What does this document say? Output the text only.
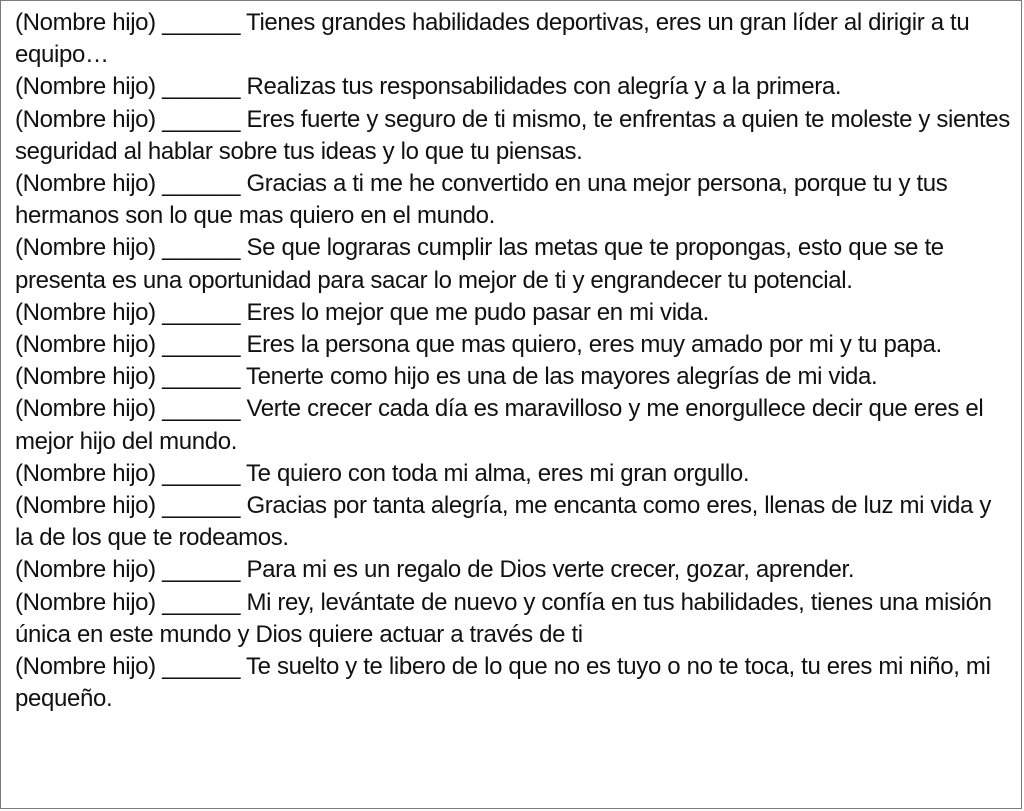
(Nombre hijo) ______ Tienes grandes habilidades deportivas, eres un gran líder al dirigir a tu equipo…

(Nombre hijo) ______ Realizas tus responsabilidades con alegría y a la primera.

(Nombre hijo) ______ Eres fuerte y seguro de ti mismo, te enfrentas a quien te moleste y sientes seguridad al hablar sobre tus ideas y lo que tu piensas.

(Nombre hijo) ______ Gracias a ti me he convertido en una mejor persona, porque tu y tus hermanos son lo que mas quiero en el mundo.

(Nombre hijo) ______ Se que lograras cumplir las metas que te propongas, esto que se te presenta es una oportunidad para sacar lo mejor de ti y engrandecer tu potencial.

(Nombre hijo) ______ Eres lo mejor que me pudo pasar en mi vida.

(Nombre hijo) ______ Eres la persona que mas quiero, eres muy amado por mi y tu papa.

(Nombre hijo) ______ Tenerte como hijo es una de las mayores alegrías de mi vida.

(Nombre hijo) ______ Verte crecer cada día es maravilloso y me enorgullece decir que eres el mejor hijo del mundo.

(Nombre hijo) ______ Te quiero con toda mi alma, eres mi gran orgullo.

(Nombre hijo) ______ Gracias por tanta alegría, me encanta como eres, llenas de luz mi vida y la de los que te rodeamos.

(Nombre hijo) ______ Para mi es un regalo de Dios verte crecer, gozar, aprender.

(Nombre hijo) ______ Mi rey, levántate de nuevo y confía en tus habilidades, tienes una misión única en este mundo y Dios quiere actuar a través de ti

(Nombre hijo) ______ Te suelto y te libero de lo que no es tuyo o no te toca, tu eres mi niño, mi pequeño.
